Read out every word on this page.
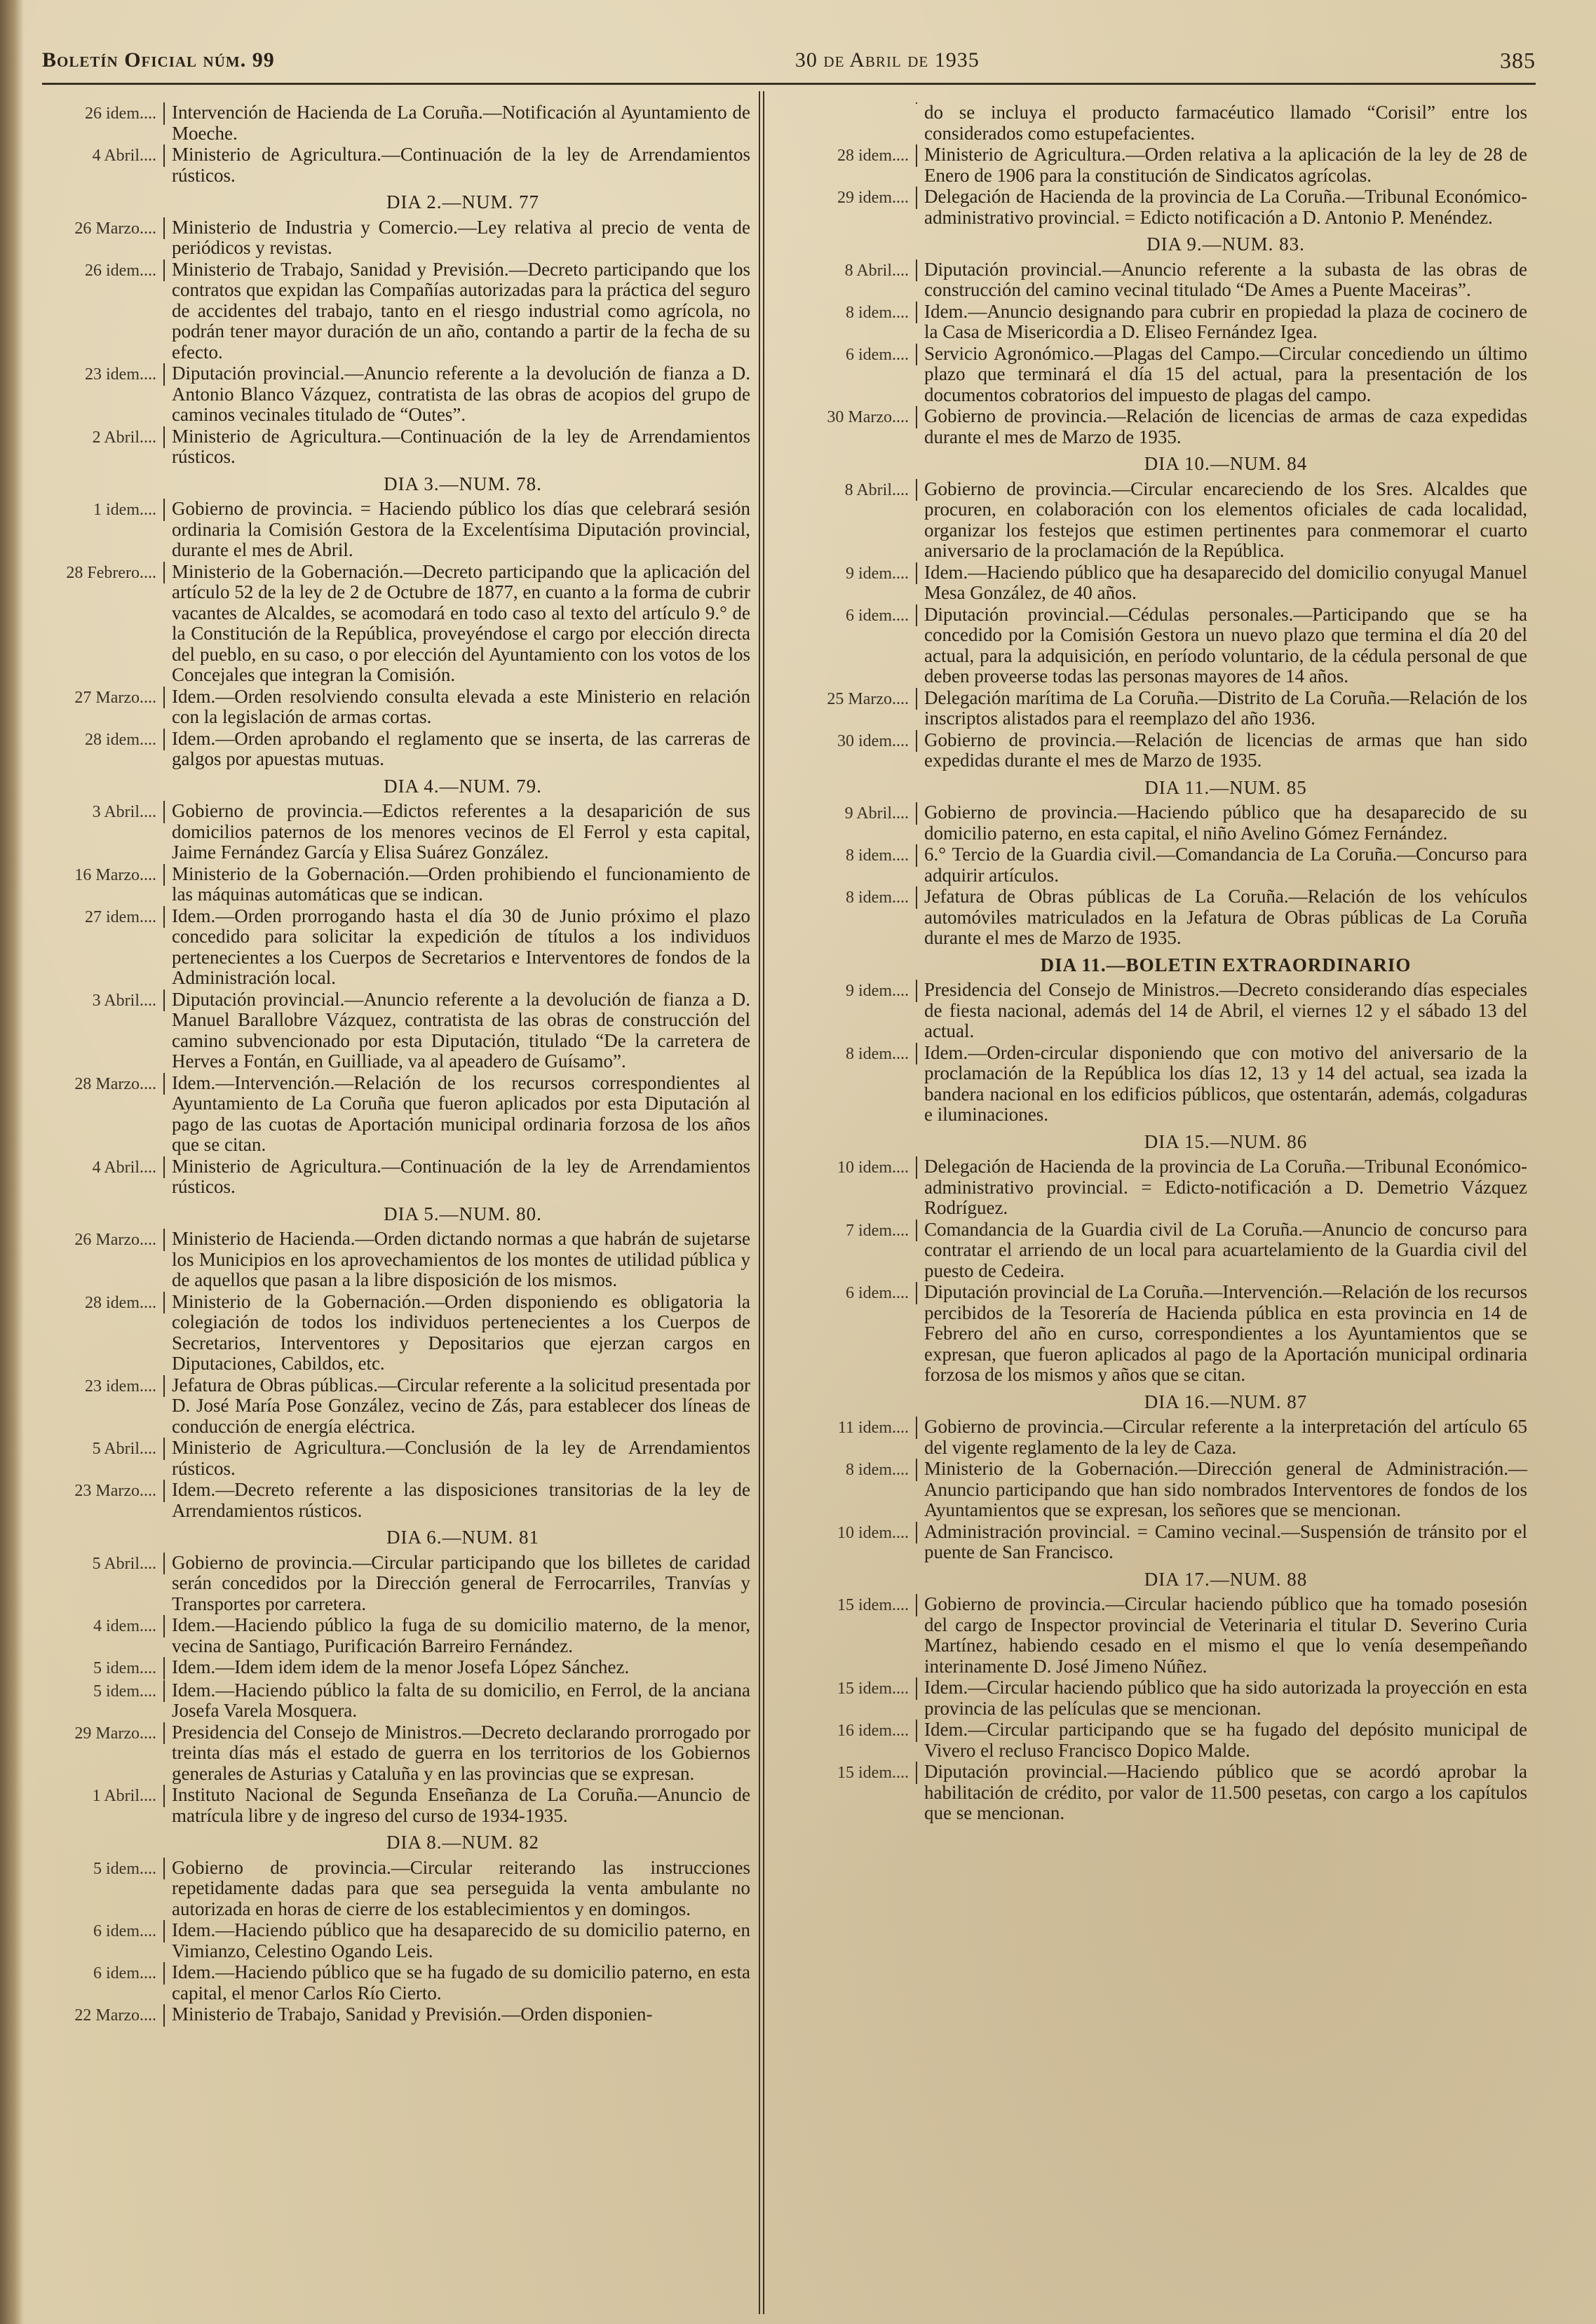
Boletín Oficial núm. 99	30 de Abril de 1935	385
26 idem.... Intervención de Hacienda de La Coruña.—Notificación al Ayuntamiento de Moeche.
4 Abril.... Ministerio de Agricultura.—Continuación de la ley de Arrendamientos rústicos.
DIA 2.—NUM. 77
26 Marzo.... Ministerio de Industria y Comercio.—Ley relativa al precio de venta de periódicos y revistas.
26 idem.... Ministerio de Trabajo, Sanidad y Previsión.—Decreto participando que los contratos que expidan las Compañías autorizadas para la práctica del seguro de accidentes del trabajo, tanto en el riesgo industrial como agrícola, no podrán tener mayor duración de un año, contando a partir de la fecha de su efecto.
23 idem.... Diputación provincial.—Anuncio referente a la devolución de fianza a D. Antonio Blanco Vázquez, contratista de las obras de acopios del grupo de caminos vecinales titulado de “Outes”.
2 Abril.... Ministerio de Agricultura.—Continuación de la ley de Arrendamientos rústicos.
DIA 3.—NUM. 78.
1 idem.... Gobierno de provincia. = Haciendo público los días que celebrará sesión ordinaria la Comisión Gestora de la Excelentísima Diputación provincial, durante el mes de Abril.
28 Febrero.... Ministerio de la Gobernación.—Decreto participando que la aplicación del artículo 52 de la ley de 2 de Octubre de 1877, en cuanto a la forma de cubrir vacantes de Alcaldes, se acomodará en todo caso al texto del artículo 9.° de la Constitución de la República, proveyéndose el cargo por elección directa del pueblo, en su caso, o por elección del Ayuntamiento con los votos de los Concejales que integran la Comisión.
27 Marzo.... Idem.—Orden resolviendo consulta elevada a este Ministerio en relación con la legislación de armas cortas.
28 idem.... Idem.—Orden aprobando el reglamento que se inserta, de las carreras de galgos por apuestas mutuas.
DIA 4.—NUM. 79.
3 Abril.... Gobierno de provincia.—Edictos referentes a la desaparición de sus domicilios paternos de los menores vecinos de El Ferrol y esta capital, Jaime Fernández García y Elisa Suárez González.
16 Marzo.... Ministerio de la Gobernación.—Orden prohibiendo el funcionamiento de las máquinas automáticas que se indican.
27 idem.... Idem.—Orden prorrogando hasta el día 30 de Junio próximo el plazo concedido para solicitar la expedición de títulos a los individuos pertenecientes a los Cuerpos de Secretarios e Interventores de fondos de la Administración local.
3 Abril.... Diputación provincial.—Anuncio referente a la devolución de fianza a D. Manuel Barallobre Vázquez, contratista de las obras de construcción del camino subvencionado por esta Diputación, titulado “De la carretera de Herves a Fontán, en Guilliade, va al apeadero de Guísamo”.
28 Marzo.... Idem.—Intervención.—Relación de los recursos correspondientes al Ayuntamiento de La Coruña que fueron aplicados por esta Diputación al pago de las cuotas de Aportación municipal ordinaria forzosa de los años que se citan.
4 Abril.... Ministerio de Agricultura.—Continuación de la ley de Arrendamientos rústicos.
DIA 5.—NUM. 80.
26 Marzo.... Ministerio de Hacienda.—Orden dictando normas a que habrán de sujetarse los Municipios en los aprovechamientos de los montes de utilidad pública y de aquellos que pasan a la libre disposición de los mismos.
28 idem.... Ministerio de la Gobernación.—Orden disponiendo es obligatoria la colegiación de todos los individuos pertenecientes a los Cuerpos de Secretarios, Interventores y Depositarios que ejerzan cargos en Diputaciones, Cabildos, etc.
23 idem.... Jefatura de Obras públicas.—Circular referente a la solicitud presentada por D. José María Pose González, vecino de Zás, para establecer dos líneas de conducción de energía eléctrica.
5 Abril.... Ministerio de Agricultura.—Conclusión de la ley de Arrendamientos rústicos.
23 Marzo.... Idem.—Decreto referente a las disposiciones transitorias de la ley de Arrendamientos rústicos.
DIA 6.—NUM. 81
5 Abril.... Gobierno de provincia.—Circular participando que los billetes de caridad serán concedidos por la Dirección general de Ferrocarriles, Tranvías y Transportes por carretera.
4 idem.... Idem.—Haciendo público la fuga de su domicilio materno, de la menor, vecina de Santiago, Purificación Barreiro Fernández.
5 idem.... Idem.—Idem idem idem de la menor Josefa López Sánchez.
5 idem.... Idem.—Haciendo público la falta de su domicilio, en Ferrol, de la anciana Josefa Varela Mosquera.
29 Marzo.... Presidencia del Consejo de Ministros.—Decreto declarando prorrogado por treinta días más el estado de guerra en los territorios de los Gobiernos generales de Asturias y Cataluña y en las provincias que se expresan.
1 Abril.... Instituto Nacional de Segunda Enseñanza de La Coruña.—Anuncio de matrícula libre y de ingreso del curso de 1934-1935.
DIA 8.—NUM. 82
5 idem.... Gobierno de provincia.—Circular reiterando las instrucciones repetidamente dadas para que sea perseguida la venta ambulante no autorizada en horas de cierre de los establecimientos y en domingos.
6 idem.... Idem.—Haciendo público que ha desaparecido de su domicilio paterno, en Vimianzo, Celestino Ogando Leis.
6 idem.... Idem.—Haciendo público que se ha fugado de su domicilio paterno, en esta capital, el menor Carlos Río Cierto.
22 Marzo.... Ministerio de Trabajo, Sanidad y Previsión.—Orden disponien-
do se incluya el producto farmacéutico llamado “Corisil” entre los considerados como estupefacientes.
28 idem.... Ministerio de Agricultura.—Orden relativa a la aplicación de la ley de 28 de Enero de 1906 para la constitución de Sindicatos agrícolas.
29 idem.... Delegación de Hacienda de la provincia de La Coruña.—Tribunal Económico-administrativo provincial. = Edicto notificación a D. Antonio P. Menéndez.
DIA 9.—NUM. 83.
8 Abril.... Diputación provincial.—Anuncio referente a la subasta de las obras de construcción del camino vecinal titulado “De Ames a Puente Maceiras”.
8 idem.... Idem.—Anuncio designando para cubrir en propiedad la plaza de cocinero de la Casa de Misericordia a D. Eliseo Fernández Igea.
6 idem.... Servicio Agronómico.—Plagas del Campo.—Circular concediendo un último plazo que terminará el día 15 del actual, para la presentación de los documentos cobratorios del impuesto de plagas del campo.
30 Marzo.... Gobierno de provincia.—Relación de licencias de armas de caza expedidas durante el mes de Marzo de 1935.
DIA 10.—NUM. 84
8 Abril.... Gobierno de provincia.—Circular encareciendo de los Sres. Alcaldes que procuren, en colaboración con los elementos oficiales de cada localidad, organizar los festejos que estimen pertinentes para conmemorar el cuarto aniversario de la proclamación de la República.
9 idem.... Idem.—Haciendo público que ha desaparecido del domicilio conyugal Manuel Mesa González, de 40 años.
6 idem.... Diputación provincial.—Cédulas personales.—Participando que se ha concedido por la Comisión Gestora un nuevo plazo que termina el día 20 del actual, para la adquisición, en período voluntario, de la cédula personal de que deben proveerse todas las personas mayores de 14 años.
25 Marzo.... Delegación marítima de La Coruña.—Distrito de La Coruña.—Relación de los inscriptos alistados para el reemplazo del año 1936.
30 idem.... Gobierno de provincia.—Relación de licencias de armas que han sido expedidas durante el mes de Marzo de 1935.
DIA 11.—NUM. 85
9 Abril.... Gobierno de provincia.—Haciendo público que ha desaparecido de su domicilio paterno, en esta capital, el niño Avelino Gómez Fernández.
8 idem.... 6.° Tercio de la Guardia civil.—Comandancia de La Coruña.—Concurso para adquirir artículos.
8 idem.... Jefatura de Obras públicas de La Coruña.—Relación de los vehículos automóviles matriculados en la Jefatura de Obras públicas de La Coruña durante el mes de Marzo de 1935.
DIA 11.—BOLETIN EXTRAORDINARIO
9 idem.... Presidencia del Consejo de Ministros.—Decreto considerando días especiales de fiesta nacional, además del 14 de Abril, el viernes 12 y el sábado 13 del actual.
8 idem.... Idem.—Orden-circular disponiendo que con motivo del aniversario de la proclamación de la República los días 12, 13 y 14 del actual, sea izada la bandera nacional en los edificios públicos, que ostentarán, además, colgaduras e iluminaciones.
DIA 15.—NUM. 86
10 idem.... Delegación de Hacienda de la provincia de La Coruña.—Tribunal Económico-administrativo provincial. = Edicto-notificación a D. Demetrio Vázquez Rodríguez.
7 idem.... Comandancia de la Guardia civil de La Coruña.—Anuncio de concurso para contratar el arriendo de un local para acuartelamiento de la Guardia civil del puesto de Cedeira.
6 idem.... Diputación provincial de La Coruña.—Intervención.—Relación de los recursos percibidos de la Tesorería de Hacienda pública en esta provincia en 14 de Febrero del año en curso, correspondientes a los Ayuntamientos que se expresan, que fueron aplicados al pago de la Aportación municipal ordinaria forzosa de los mismos y años que se citan.
DIA 16.—NUM. 87
11 idem.... Gobierno de provincia.—Circular referente a la interpretación del artículo 65 del vigente reglamento de la ley de Caza.
8 idem.... Ministerio de la Gobernación.—Dirección general de Administración.—Anuncio participando que han sido nombrados Interventores de fondos de los Ayuntamientos que se expresan, los señores que se mencionan.
10 idem.... Administración provincial. = Camino vecinal.—Suspensión de tránsito por el puente de San Francisco.
DIA 17.—NUM. 88
15 idem.... Gobierno de provincia.—Circular haciendo público que ha tomado posesión del cargo de Inspector provincial de Veterinaria el titular D. Severino Curia Martínez, habiendo cesado en el mismo el que lo venía desempeñando interinamente D. José Jimeno Núñez.
15 idem.... Idem.—Circular haciendo público que ha sido autorizada la proyección en esta provincia de las películas que se mencionan.
16 idem.... Idem.—Circular participando que se ha fugado del depósito municipal de Vivero el recluso Francisco Dopico Malde.
15 idem.... Diputación provincial.—Haciendo público que se acordó aprobar la habilitación de crédito, por valor de 11.500 pesetas, con cargo a los capítulos que se mencionan.
